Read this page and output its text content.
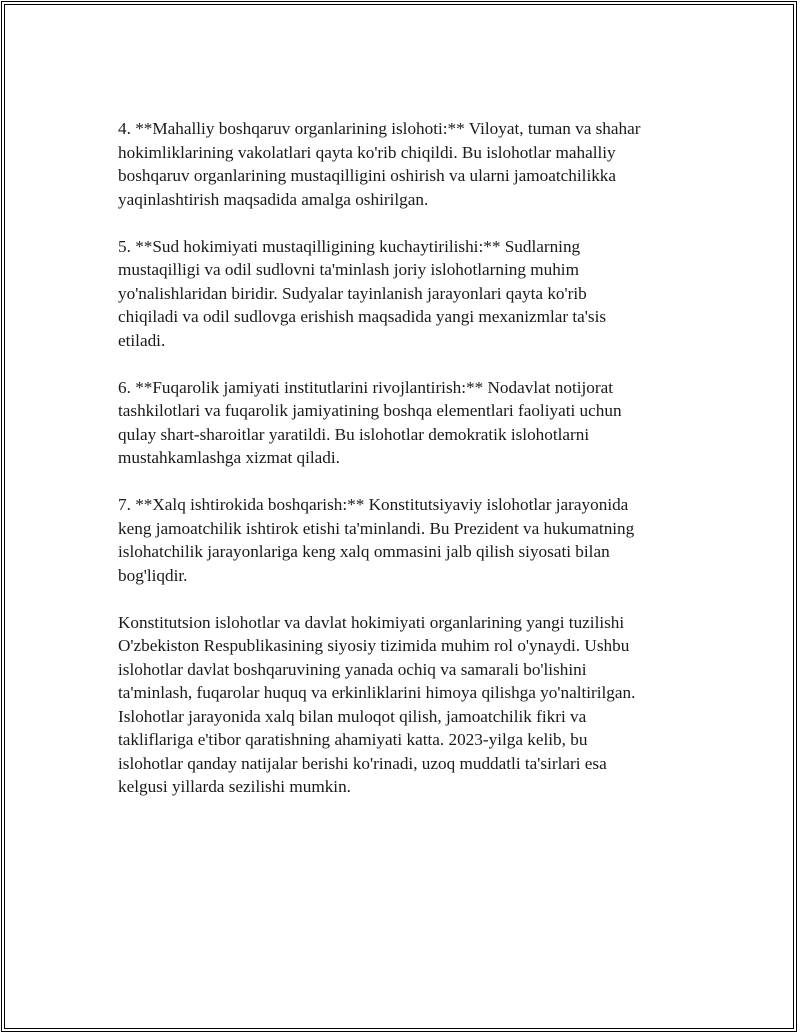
4. **Mahalliy boshqaruv organlarining islohoti:** Viloyat, tuman va shahar
hokimliklarining vakolatlari qayta ko'rib chiqildi. Bu islohotlar mahalliy
boshqaruv organlarining mustaqilligini oshirish va ularni jamoatchilikka
yaqinlashtirish maqsadida amalga oshirilgan.
5. **Sud hokimiyati mustaqilligining kuchaytirilishi:** Sudlarning
mustaqilligi va odil sudlovni ta'minlash joriy islohotlarning muhim
yo'nalishlaridan biridir. Sudyalar tayinlanish jarayonlari qayta ko'rib
chiqiladi va odil sudlovga erishish maqsadida yangi mexanizmlar ta'sis
etiladi.
6. **Fuqarolik jamiyati institutlarini rivojlantirish:** Nodavlat notijorat
tashkilotlari va fuqarolik jamiyatining boshqa elementlari faoliyati uchun
qulay shart-sharoitlar yaratildi. Bu islohotlar demokratik islohotlarni
mustahkamlashga xizmat qiladi.
7. **Xalq ishtirokida boshqarish:** Konstitutsiyaviy islohotlar jarayonida
keng jamoatchilik ishtirok etishi ta'minlandi. Bu Prezident va hukumatning
islohatchilik jarayonlariga keng xalq ommasini jalb qilish siyosati bilan
bog'liqdir.
Konstitutsion islohotlar va davlat hokimiyati organlarining yangi tuzilishi
O'zbekiston Respublikasining siyosiy tizimida muhim rol o'ynaydi. Ushbu
islohotlar davlat boshqaruvining yanada ochiq va samarali bo'lishini
ta'minlash, fuqarolar huquq va erkinliklarini himoya qilishga yo'naltirilgan.
Islohotlar jarayonida xalq bilan muloqot qilish, jamoatchilik fikri va
takliflariga e'tibor qaratishning ahamiyati katta. 2023-yilga kelib, bu
islohotlar qanday natijalar berishi ko'rinadi, uzoq muddatli ta'sirlari esa
kelgusi yillarda sezilishi mumkin.
